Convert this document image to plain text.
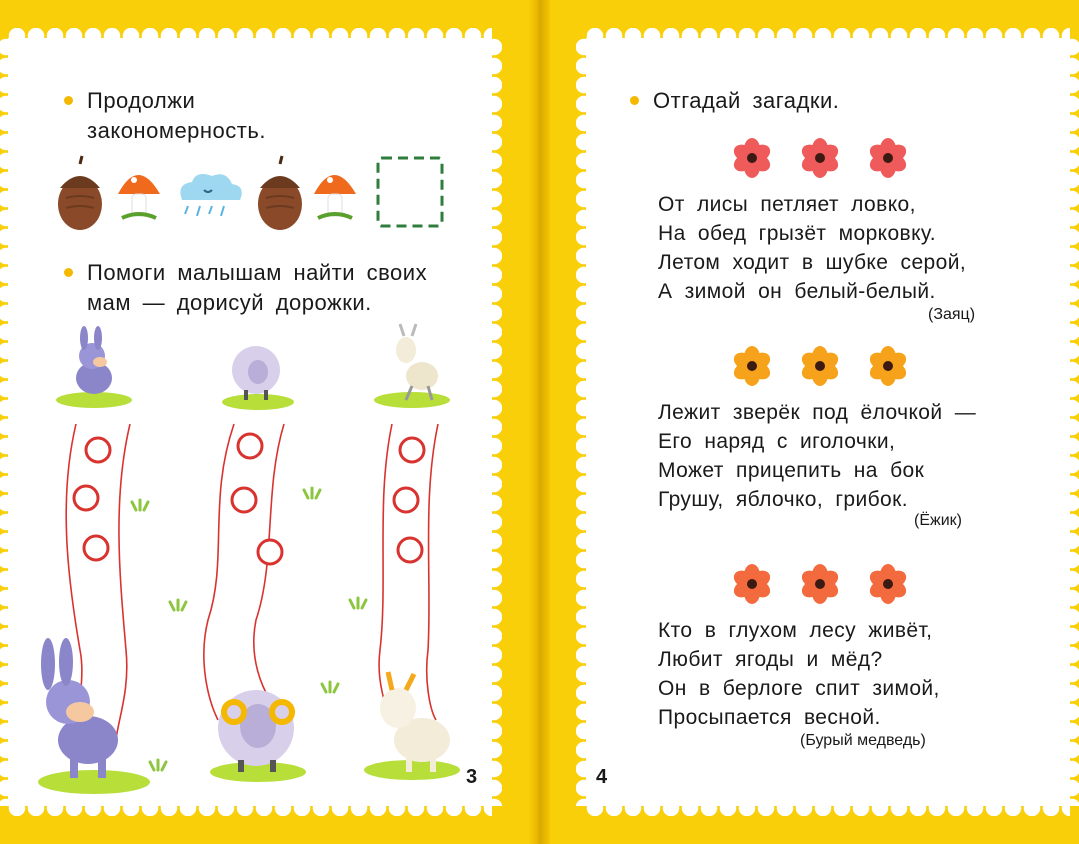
Продолжи
закономерность.
Помоги малышам найти своих
мам — дорисуй дорожки.
3
Отгадай загадки.
От лисы петляет ловко,
На обед грызёт морковку.
Летом ходит в шубке серой,
А зимой он белый-белый.
(Заяц)
Лежит зверёк под ёлочкой —
Его наряд с иголочки,
Может прицепить на бок
Грушу, яблочко, грибок.
(Ёжик)
Кто в глухом лесу живёт,
Любит ягоды и мёд?
Он в берлоге спит зимой,
Просыпается весной.
(Бурый медведь)
4
